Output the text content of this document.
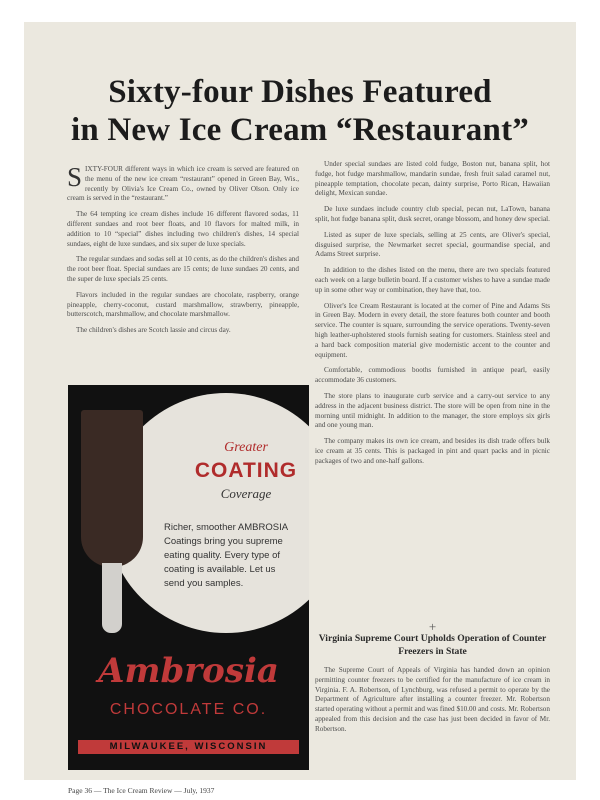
Sixty-four Dishes Featured
in New Ice Cream “Restaurant”

SIXTY-FOUR different ways in which ice cream is served are featured on the menu of the new ice cream “restaurant” opened in Green Bay, Wis., recently by Olivia's Ice Cream Co., owned by Oliver Olson. Only ice cream is served in the “restaurant.”

The 64 tempting ice cream dishes include 16 different flavored sodas, 11 different sundaes and root beer floats, and 10 flavors for malted milk, in addition to 10 “special” dishes including two children's dishes, 14 special sundaes, eight de luxe sundaes, and six super de luxe specials.

The regular sundaes and sodas sell at 10 cents, as do the children's dishes and the root beer float. Special sundaes are 15 cents; de luxe sundaes 20 cents, and the super de luxe specials 25 cents.

Flavors included in the regular sundaes are chocolate, raspberry, orange pineapple, cherry-coconut, custard marshmallow, strawberry, pineapple, butterscotch, marshmallow, and chocolate marshmallow.

The children's dishes are Scotch lassie and circus day.

Under special sundaes are listed cold fudge, Boston nut, banana split, hot fudge, hot fudge marshmallow, mandarin sundae, fresh fruit salad caramel nut, pineapple temptation, chocolate pecan, dainty surprise, Porto Rican, Hawaiian delight, Mexican sundae.

De luxe sundaes include country club special, pecan nut, LaTown, banana split, hot fudge banana split, dusk secret, orange blossom, and honey dew special.

Listed as super de luxe specials, selling at 25 cents, are Oliver's special, disguised surprise, the Newmarket secret special, gourmandise special, and Adams Street surprise.

In addition to the dishes listed on the menu, there are two specials featured each week on a large bulletin board. If a customer wishes to have a sundae made up in some other way or combination, they have that, too.

Oliver's Ice Cream Restaurant is located at the corner of Pine and Adams Sts in Green Bay. Modern in every detail, the store features both counter and booth service. The counter is square, surrounding the service operations. Twenty-seven high leather-upholstered stools furnish seating for customers. Stainless steel and a hard back composition material give modernistic accent to the counter and equipment.

Comfortable, commodious booths furnished in antique pearl, easily accommodate 36 customers.

The store plans to inaugurate curb service and a carry-out service to any address in the adjacent business district. The store will be open from nine in the morning until midnight. In addition to the manager, the store employs six girls and one young man.

The company makes its own ice cream, and besides its dish trade offers bulk ice cream at 35 cents. This is packaged in pint and quart packs and in picnic packages of two and one-half gallons.

Greater
COATING
Coverage
Richer, smoother AMBROSIA Coatings bring you supreme eating quality. Every type of coating is available. Let us send you samples.
Ambrosia
CHOCOLATE CO.
MILWAUKEE, WISCONSIN
+
Virginia Supreme Court Upholds Operation of Counter Freezers in State

The Supreme Court of Appeals of Virginia has handed down an opinion permitting counter freezers to be certified for the manufacture of ice cream in Virginia. F. A. Robertson, of Lynchburg, was refused a permit to operate by the Department of Agriculture after installing a counter freezer. Mr. Robertson started operating without a permit and was fined $10.00 and costs. Mr. Robertson appealed from this decision and the case has just been decided in favor of Mr. Robertson.

Page 36 — The Ice Cream Review — July, 1937
